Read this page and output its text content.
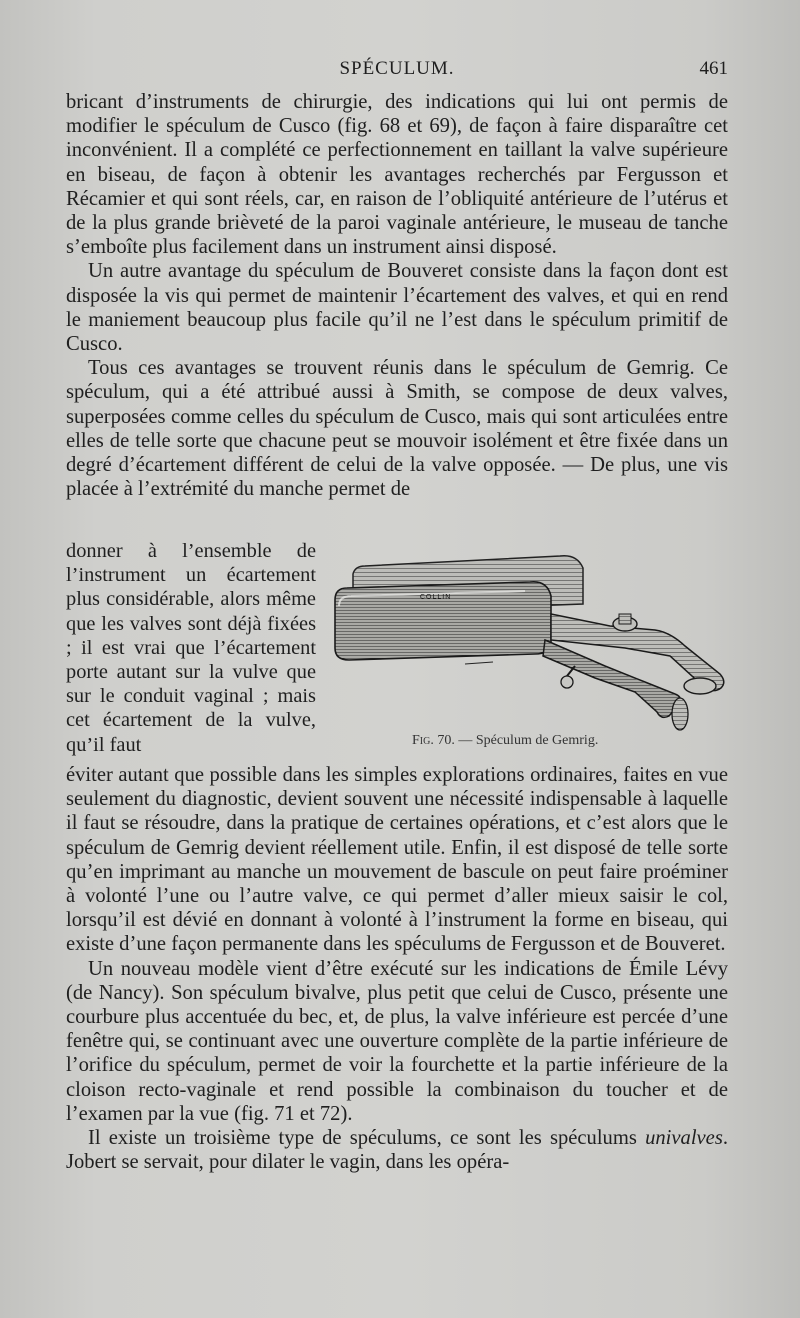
SPÉCULUM.	461

bricant d’instruments de chirurgie, des indications qui lui ont permis de modifier le spéculum de Cusco (fig. 68 et 69), de façon à faire disparaître cet inconvénient. Il a complété ce perfectionnement en taillant la valve supérieure en biseau, de façon à obtenir les avantages recherchés par Fergusson et Récamier et qui sont réels, car, en raison de l’obliquité antérieure de l’utérus et de la plus grande brièveté de la paroi vaginale antérieure, le museau de tanche s’emboîte plus facilement dans un instrument ainsi disposé.

Un autre avantage du spéculum de Bouveret consiste dans la façon dont est disposée la vis qui permet de maintenir l’écartement des valves, et qui en rend le maniement beaucoup plus facile qu’il ne l’est dans le spéculum primitif de Cusco.

Tous ces avantages se trouvent réunis dans le spéculum de Gemrig. Ce spéculum, qui a été attribué aussi à Smith, se compose de deux valves, superposées comme celles du spéculum de Cusco, mais qui sont articulées entre elles de telle sorte que chacune peut se mouvoir isolément et être fixée dans un degré d’écartement différent de celui de la valve opposée. — De plus, une vis placée à l’extrémité du manche permet de

donner à l’ensemble de l’instrument un écartement plus considérable, alors même que les valves sont déjà fixées ; il est vrai que l’écartement porte autant sur la vulve que sur le conduit vaginal ; mais cet écartement de la vulve, qu’il faut

COLLIN
Fig. 70. — Spéculum de Gemrig.

éviter autant que possible dans les simples explorations ordinaires, faites en vue seulement du diagnostic, devient souvent une nécessité indispensable à laquelle il faut se résoudre, dans la pratique de certaines opérations, et c’est alors que le spéculum de Gemrig devient réellement utile. Enfin, il est disposé de telle sorte qu’en imprimant au manche un mouvement de bascule on peut faire proéminer à volonté l’une ou l’autre valve, ce qui permet d’aller mieux saisir le col, lorsqu’il est dévié en donnant à volonté à l’instrument la forme en biseau, qui existe d’une façon permanente dans les spéculums de Fergusson et de Bouveret.

Un nouveau modèle vient d’être exécuté sur les indications de Émile Lévy (de Nancy). Son spéculum bivalve, plus petit que celui de Cusco, présente une courbure plus accentuée du bec, et, de plus, la valve inférieure est percée d’une fenêtre qui, se continuant avec une ouverture complète de la partie inférieure de l’orifice du spéculum, permet de voir la fourchette et la partie inférieure de la cloison recto-vaginale et rend possible la combinaison du toucher et de l’examen par la vue (fig. 71 et 72).

Il existe un troisième type de spéculums, ce sont les spéculums univalves. Jobert se servait, pour dilater le vagin, dans les opéra-
